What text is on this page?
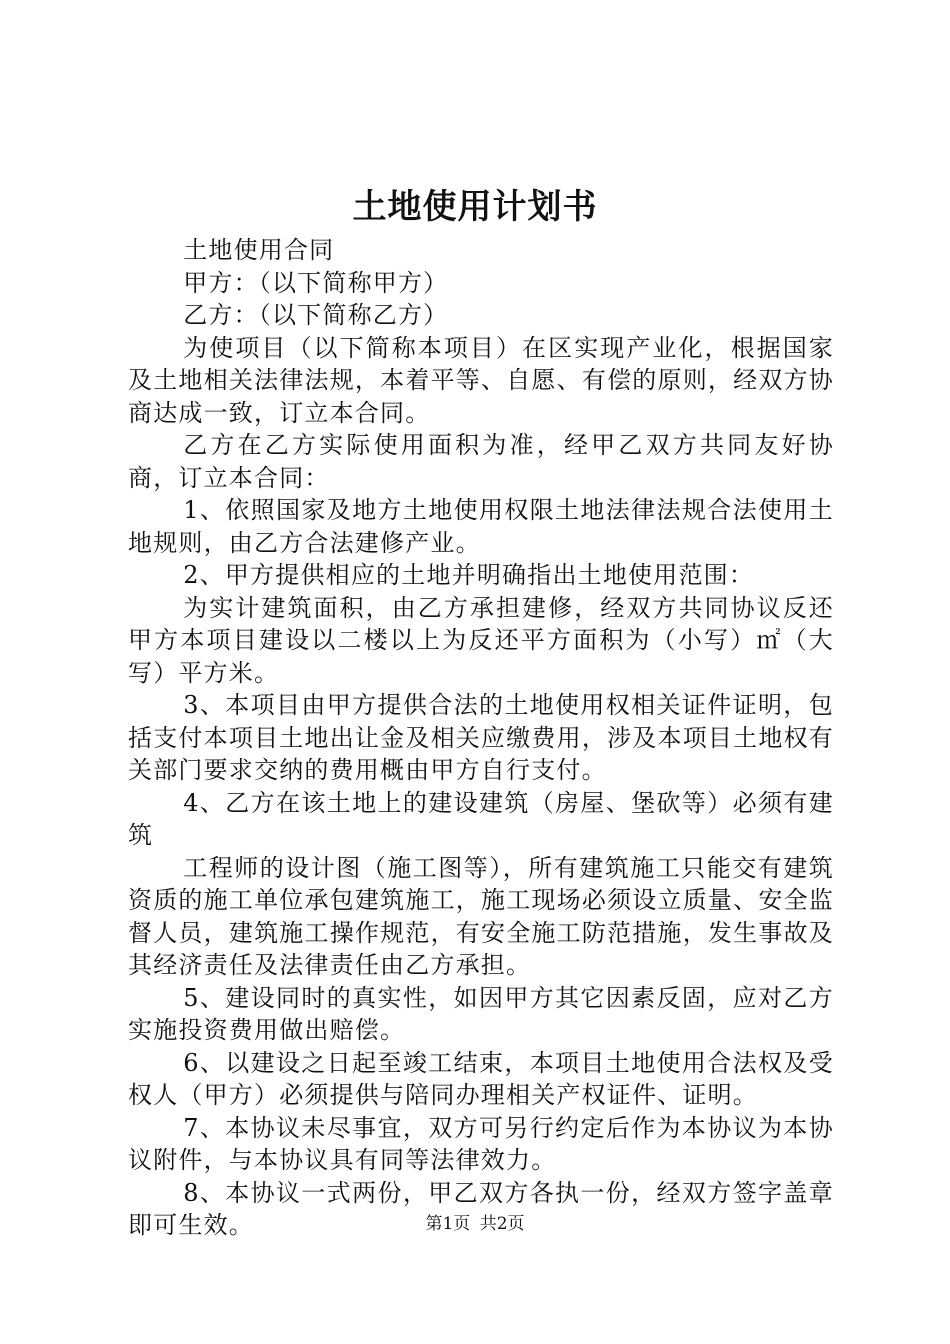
土地使用计划书

土地使用合同

甲方：（以下简称甲方）

乙方：（以下简称乙方）

为使项目（以下简称本项目）在区实现产业化，根据国家及土地相关法律法规，本着平等、自愿、有偿的原则，经双方协商达成一致，订立本合同。

乙方在乙方实际使用面积为准，经甲乙双方共同友好协商，订立本合同：

1、依照国家及地方土地使用权限土地法律法规合法使用土地规则，由乙方合法建修产业。

2、甲方提供相应的土地并明确指出土地使用范围：

为实计建筑面积，由乙方承担建修，经双方共同协议反还甲方本项目建设以二楼以上为反还平方面积为（小写）㎡（大写）平方米。

3、本项目由甲方提供合法的土地使用权相关证件证明，包括支付本项目土地出让金及相关应缴费用，涉及本项目土地权有关部门要求交纳的费用概由甲方自行支付。

4、乙方在该土地上的建设建筑（房屋、堡砍等）必须有建筑

工程师的设计图（施工图等），所有建筑施工只能交有建筑资质的施工单位承包建筑施工，施工现场必须设立质量、安全监督人员，建筑施工操作规范，有安全施工防范措施，发生事故及其经济责任及法律责任由乙方承担。

5、建设同时的真实性，如因甲方其它因素反固，应对乙方实施投资费用做出赔偿。

6、以建设之日起至竣工结束，本项目土地使用合法权及受权人（甲方）必须提供与陪同办理相关产权证件、证明。

7、本协议未尽事宜，双方可另行约定后作为本协议为本协议附件，与本协议具有同等法律效力。

8、本协议一式两份，甲乙双方各执一份，经双方签字盖章即可生效。	第1页 共2页
